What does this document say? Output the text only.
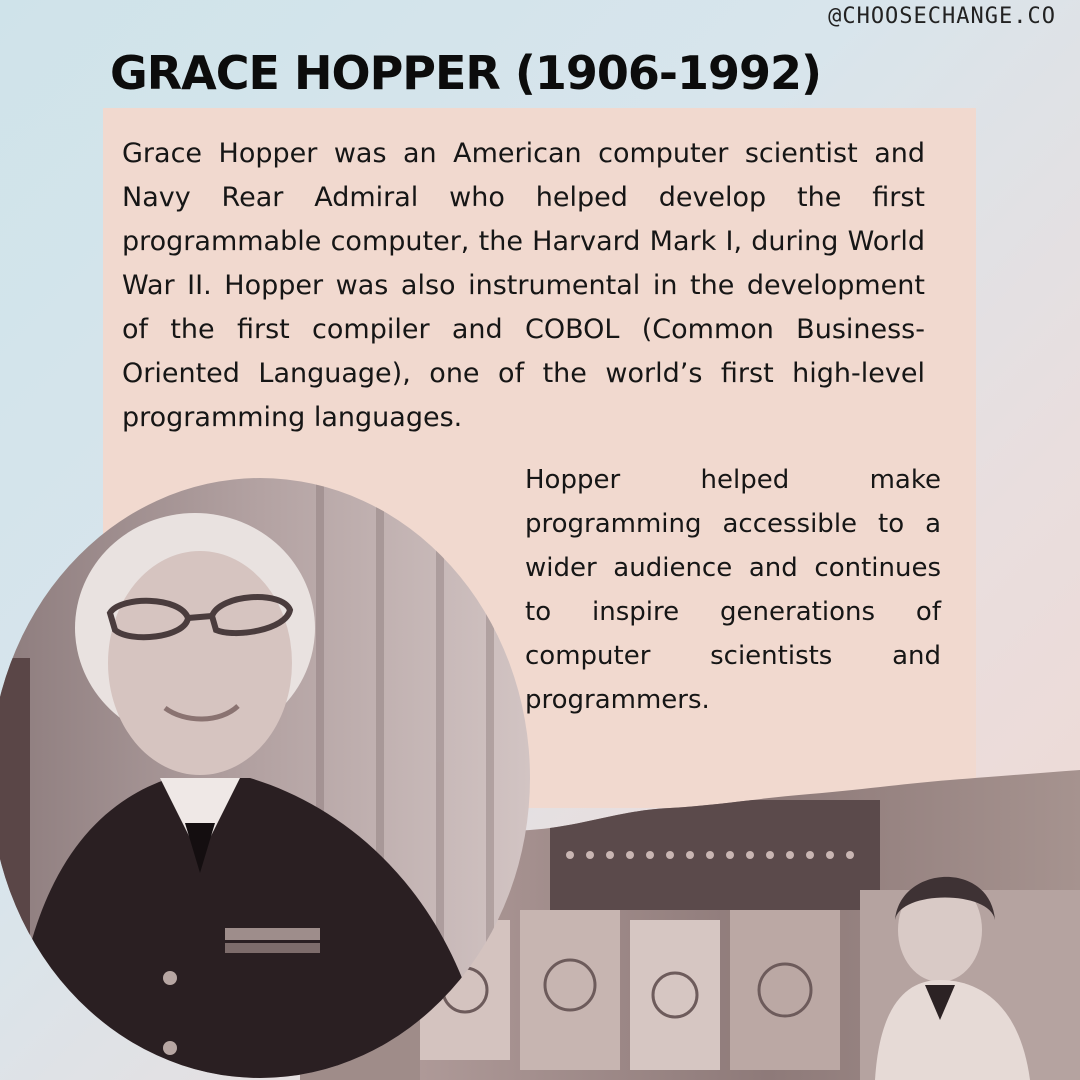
@CHOOSECHANGE.CO
GRACE HOPPER (1906-1992)

Grace Hopper was an American computer scientist and Navy Rear Admiral who helped develop the first programmable computer, the Harvard Mark I, during World War II. Hopper was also instrumental in the development of the first compiler and COBOL (Common Business-Oriented Language), one of the world’s first high-level programming languages.

Hopper helped make programming accessible to a wider audience and continues to inspire generations of computer scientists and programmers.
